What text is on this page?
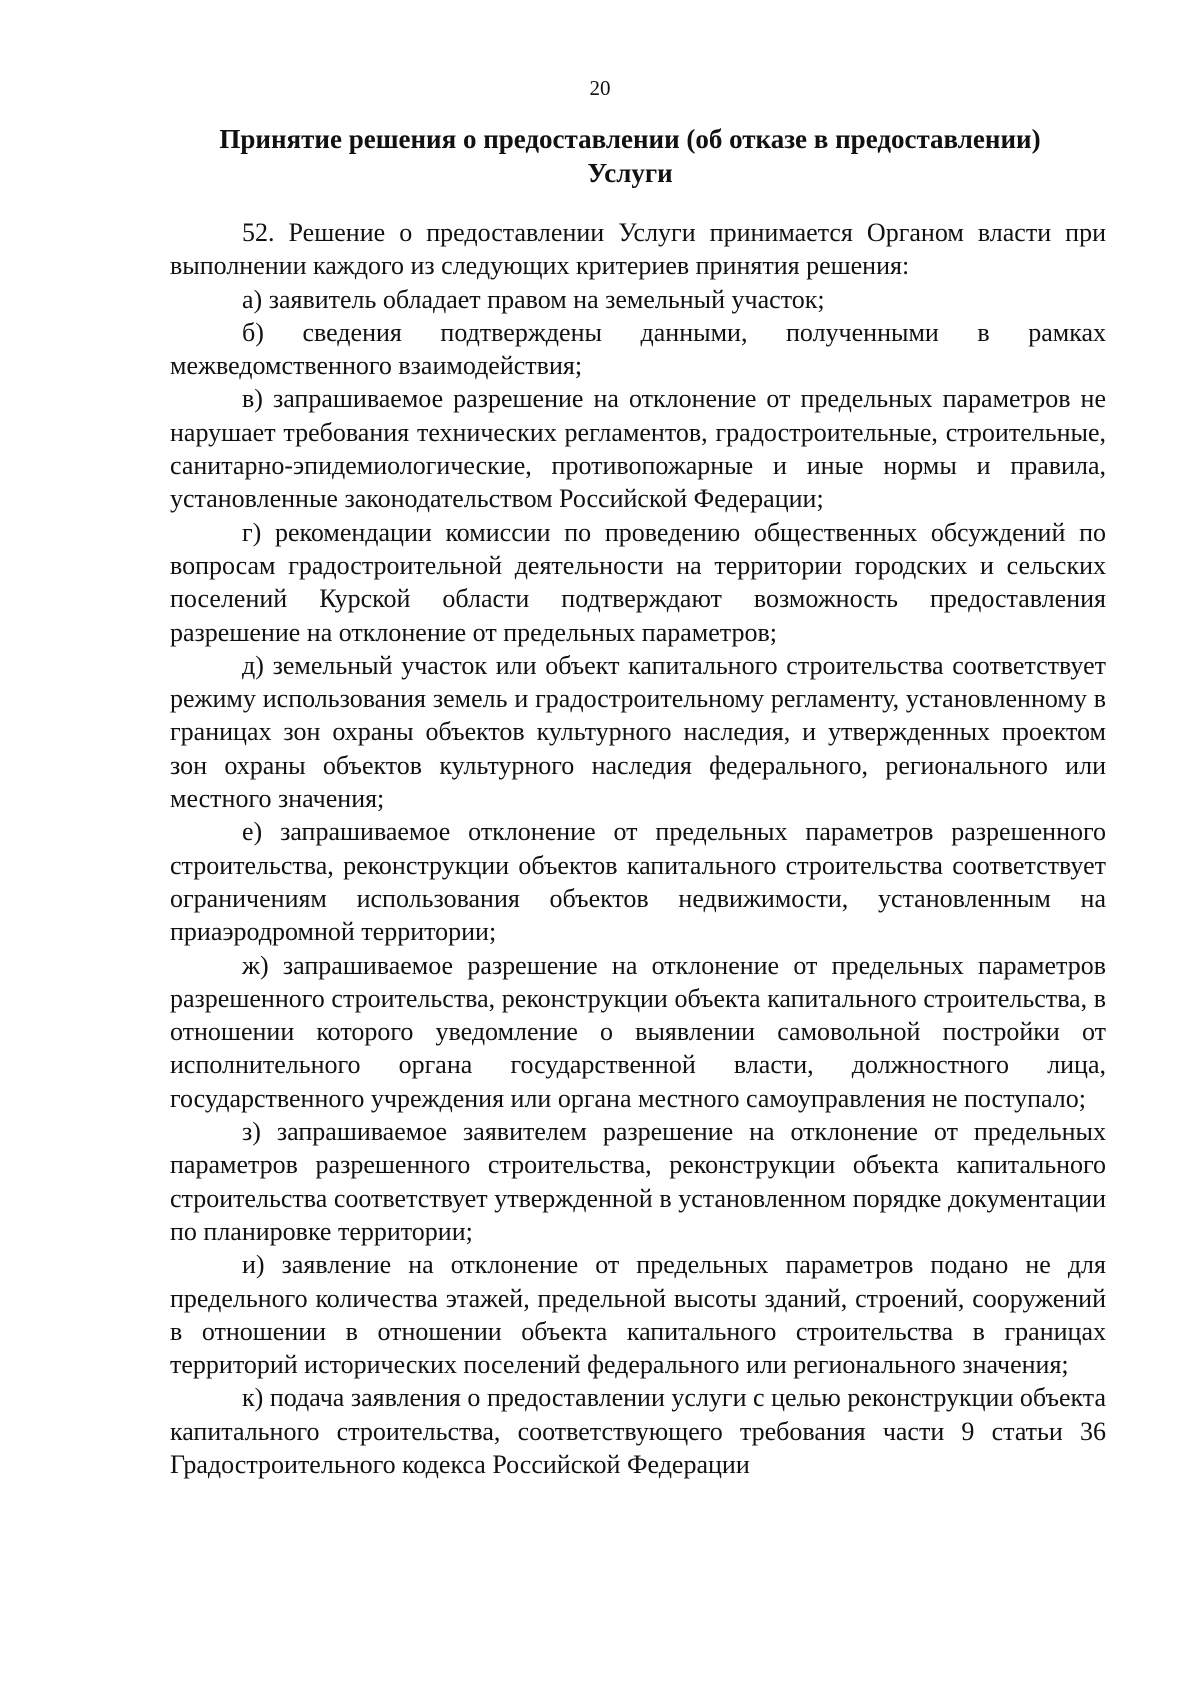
20
Принятие решения о предоставлении (об отказе в предоставлении)
Услуги

52. Решение о предоставлении Услуги принимается Органом власти при выполнении каждого из следующих критериев принятия решения:

а) заявитель обладает правом на земельный участок;

б) сведения подтверждены данными, полученными в рамках межведомственного взаимодействия;

в) запрашиваемое разрешение на отклонение от предельных параметров не нарушает требования технических регламентов, градостроительные, строительные, санитарно-эпидемиологические, противопожарные и иные нормы и правила, установленные законодательством Российской Федерации;

г) рекомендации комиссии по проведению общественных обсуждений по вопросам градостроительной деятельности на территории городских и сельских поселений Курской области подтверждают возможность предоставления разрешение на отклонение от предельных параметров;

д) земельный участок или объект капитального строительства соответствует режиму использования земель и градостроительному регламенту, установленному в границах зон охраны объектов культурного наследия, и утвержденных проектом зон охраны объектов культурного наследия федерального, регионального или местного значения;

е) запрашиваемое отклонение от предельных параметров разрешенного строительства, реконструкции объектов капитального строительства соответствует ограничениям использования объектов недвижимости, установленным на приаэродромной территории;

ж) запрашиваемое разрешение на отклонение от предельных параметров разрешенного строительства, реконструкции объекта капитального строительства, в отношении которого уведомление о выявлении самовольной постройки от исполнительного органа государственной власти, должностного лица, государственного учреждения или органа местного самоуправления не поступало;

з) запрашиваемое заявителем разрешение на отклонение от предельных параметров разрешенного строительства, реконструкции объекта капитального строительства соответствует утвержденной в установленном порядке документации по планировке территории;

и) заявление на отклонение от предельных параметров подано не для предельного количества этажей, предельной высоты зданий, строений, сооружений в отношении в отношении объекта капитального строительства в границах территорий исторических поселений федерального или регионального значения;

к) подача заявления о предоставлении услуги с целью реконструкции объекта капитального строительства, соответствующего требования части 9 статьи 36 Градостроительного кодекса Российской Федерации
